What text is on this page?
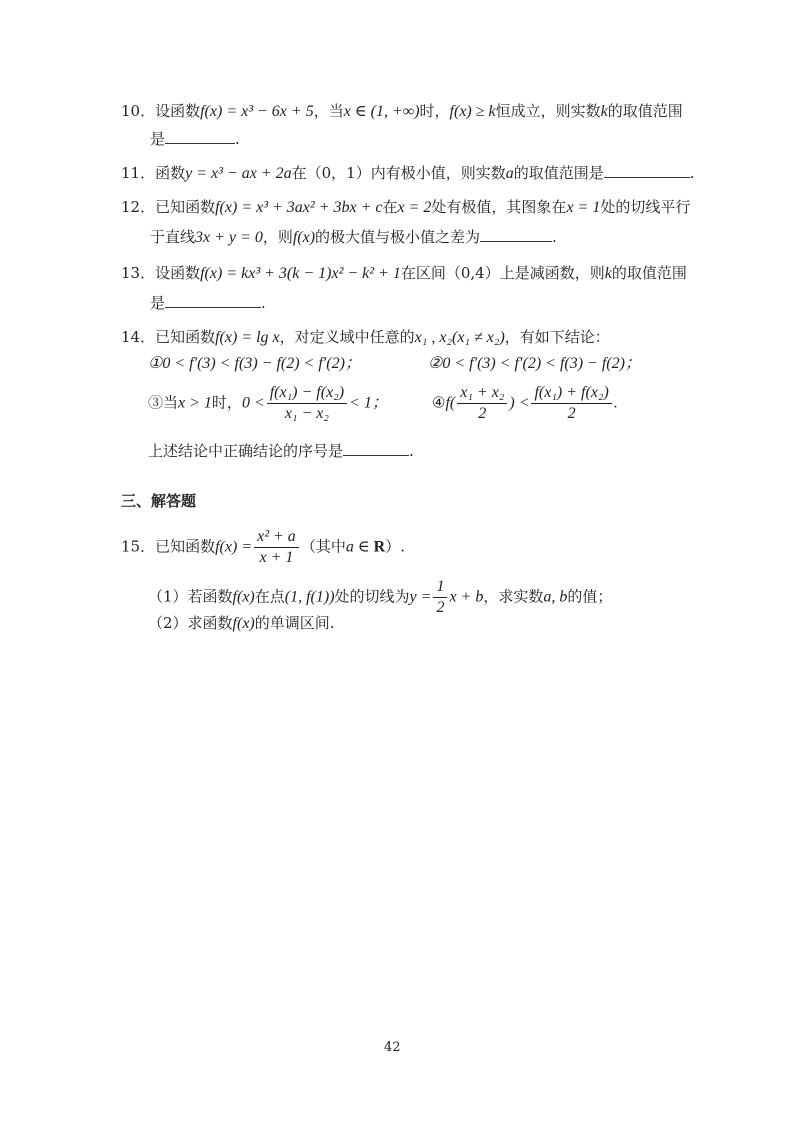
10．设函数f(x) = x³ − 6x + 5，当x ∈ (1, +∞)时，f(x) ≥ k恒成立，则实数k的取值范围
是	.
11．函数y = x³ − ax + 2a在（0，1）内有极小值，则实数a的取值范围是	.
12．已知函数f(x) = x³ + 3ax² + 3bx + c在x = 2处有极值，其图象在x = 1处的切线平行
于直线3x + y = 0，则f(x)的极大值与极小值之差为	.
13．设函数f(x) = kx³ + 3(k − 1)x² − k² + 1在区间（0,4）上是减函数，则k的取值范围
是	.
14．已知函数f(x) = lg x，对定义域中任意的x₁ , x₂(x₁ ≠ x₂)，有如下结论：
①0 < f′(3) < f(3) − f(2) < f′(2)；	②0 < f′(3) < f′(2) < f(3) − f(2)；
③当x > 1时，$0 < \frac{\text{f(x₁) − f(x₂)}}{\text{x₁ − x₂}} < 1$；	④f( $\frac{\text{x₁ + x₂}}{2}$ ) < $\frac{\text{f(x₁) + f(x₂)}}{2}$ .
上述结论中正确结论的序号是	.
三、解答题
15．已知函数$f(x) = \frac{\text{x² + a}}{x + 1}$ （其中a ∈ R）.
（1）若函数f(x)在点(1, f(1))处的切线为$y = \frac{1}{2}$ x + b，求实数a, b的值；
（2）求函数f(x)的单调区间.
42
